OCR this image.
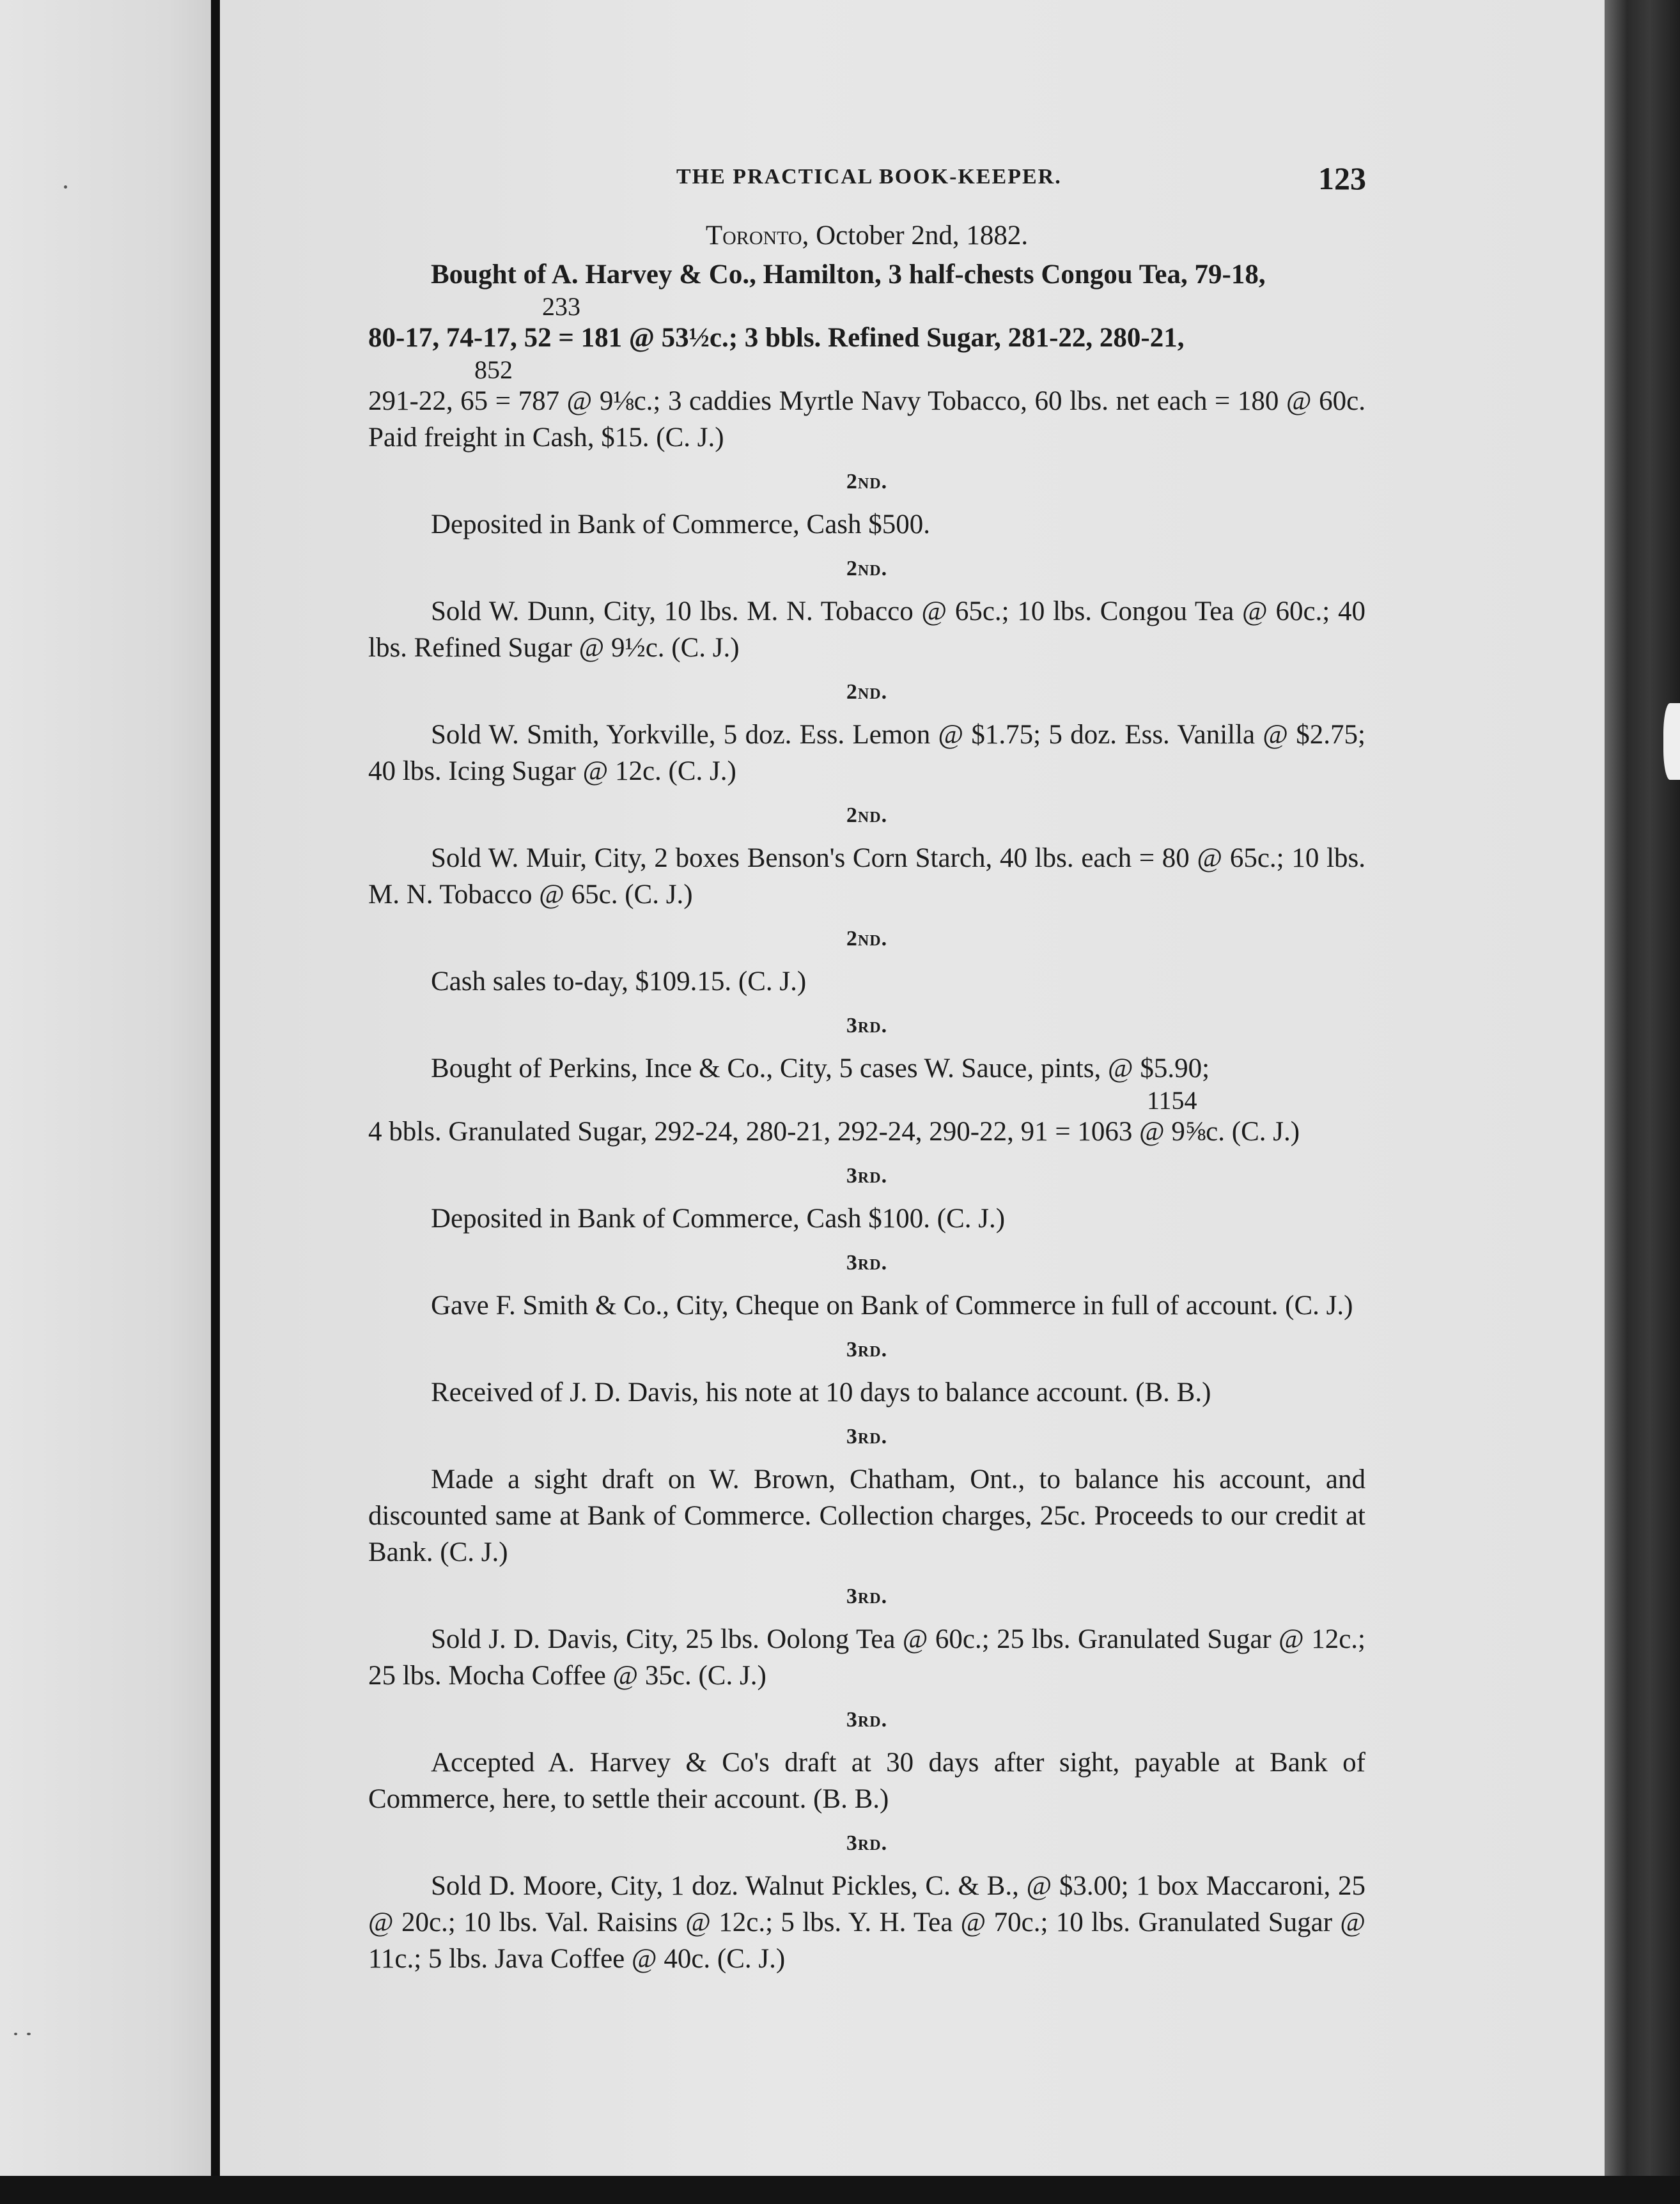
THE PRACTICAL BOOK-KEEPER.	123
Toronto, October 2nd, 1882.

Bought of A. Harvey & Co., Hamilton, 3 half-chests Congou Tea, 79-18,

233

80-17, 74-17, 52 = 181 @ 53½c.; 3 bbls. Refined Sugar, 281-22, 280-21,

852

291-22, 65 = 787 @ 9⅛c.; 3 caddies Myrtle Navy Tobacco, 60 lbs. net each = 180 @ 60c. Paid freight in Cash, $15. (C. J.)

2nd.

Deposited in Bank of Commerce, Cash $500.

2nd.

Sold W. Dunn, City, 10 lbs. M. N. Tobacco @ 65c.; 10 lbs. Congou Tea @ 60c.; 40 lbs. Refined Sugar @ 9½c. (C. J.)

2nd.

Sold W. Smith, Yorkville, 5 doz. Ess. Lemon @ $1.75; 5 doz. Ess. Vanilla @ $2.75; 40 lbs. Icing Sugar @ 12c. (C. J.)

2nd.

Sold W. Muir, City, 2 boxes Benson's Corn Starch, 40 lbs. each = 80 @ 65c.; 10 lbs. M. N. Tobacco @ 65c. (C. J.)

2nd.

Cash sales to-day, $109.15. (C. J.)

3rd.

Bought of Perkins, Ince & Co., City, 5 cases W. Sauce, pints, @ $5.90;

1154

4 bbls. Granulated Sugar, 292-24, 280-21, 292-24, 290-22, 91 = 1063 @ 9⅝c. (C. J.)

3rd.

Deposited in Bank of Commerce, Cash $100. (C. J.)

3rd.

Gave F. Smith & Co., City, Cheque on Bank of Commerce in full of account. (C. J.)

3rd.

Received of J. D. Davis, his note at 10 days to balance account. (B. B.)

3rd.

Made a sight draft on W. Brown, Chatham, Ont., to balance his account, and discounted same at Bank of Commerce. Collection charges, 25c. Proceeds to our credit at Bank. (C. J.)

3rd.

Sold J. D. Davis, City, 25 lbs. Oolong Tea @ 60c.; 25 lbs. Granulated Sugar @ 12c.; 25 lbs. Mocha Coffee @ 35c. (C. J.)

3rd.

Accepted A. Harvey & Co's draft at 30 days after sight, payable at Bank of Commerce, here, to settle their account. (B. B.)

3rd.

Sold D. Moore, City, 1 doz. Walnut Pickles, C. & B., @ $3.00; 1 box Maccaroni, 25 @ 20c.; 10 lbs. Val. Raisins @ 12c.; 5 lbs. Y. H. Tea @ 70c.; 10 lbs. Granulated Sugar @ 11c.; 5 lbs. Java Coffee @ 40c. (C. J.)
